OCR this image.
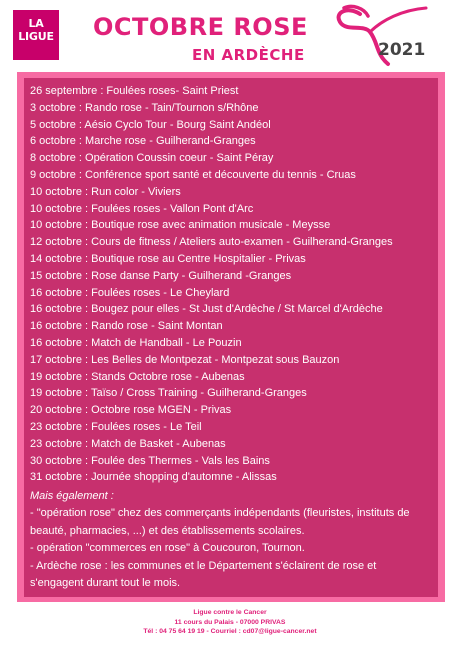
LA LIGUE
CONTRE LE
OCTOBRE ROSE
EN ARDÈCHE	2021
26 septembre : Foulées roses- Saint Priest
3 octobre : Rando rose - Tain/Tournon s/Rhône
5 octobre : Aésio Cyclo Tour - Bourg Saint Andéol
6 octobre : Marche rose - Guilherand-Granges
8 octobre : Opération Coussin coeur - Saint Péray
9 octobre : Conférence sport santé et découverte du tennis - Cruas
10 octobre : Run color - Viviers
10 octobre : Foulées roses - Vallon Pont d'Arc
10 octobre : Boutique rose avec animation musicale - Meysse
12 octobre : Cours de fitness / Ateliers auto-examen - Guilherand-Granges
14 octobre : Boutique rose au Centre Hospitalier - Privas
15 octobre : Rose danse Party - Guilherand -Granges
16 octobre : Foulées roses - Le Cheylard
16 octobre : Bougez pour elles - St Just d'Ardèche / St Marcel d'Ardèche
16 octobre : Rando rose - Saint Montan
16 octobre : Match de Handball - Le Pouzin
17 octobre : Les Belles de Montpezat - Montpezat sous Bauzon
19 octobre : Stands Octobre rose - Aubenas
19 octobre : Taïso / Cross Training - Guilherand-Granges
20 octobre : Octobre rose MGEN - Privas
23 octobre : Foulées roses - Le Teil
23 octobre : Match de Basket - Aubenas
30 octobre : Foulée des Thermes - Vals les Bains
31 octobre : Journée shopping d'automne - Alissas
Mais également :
- "opération rose" chez des commerçants indépendants (fleuristes, instituts de
beauté, pharmacies, ...) et des établissements scolaires.
- opération "commerces en rose" à Coucouron, Tournon.
- Ardèche rose : les communes et le Département s'éclairent de rose et
s'engagent durant tout le mois.
Ligue contre le Cancer
11 cours du Palais - 07000 PRIVAS
Tél : 04 75 64 19 19 - Courriel : cd07@ligue-cancer.net
